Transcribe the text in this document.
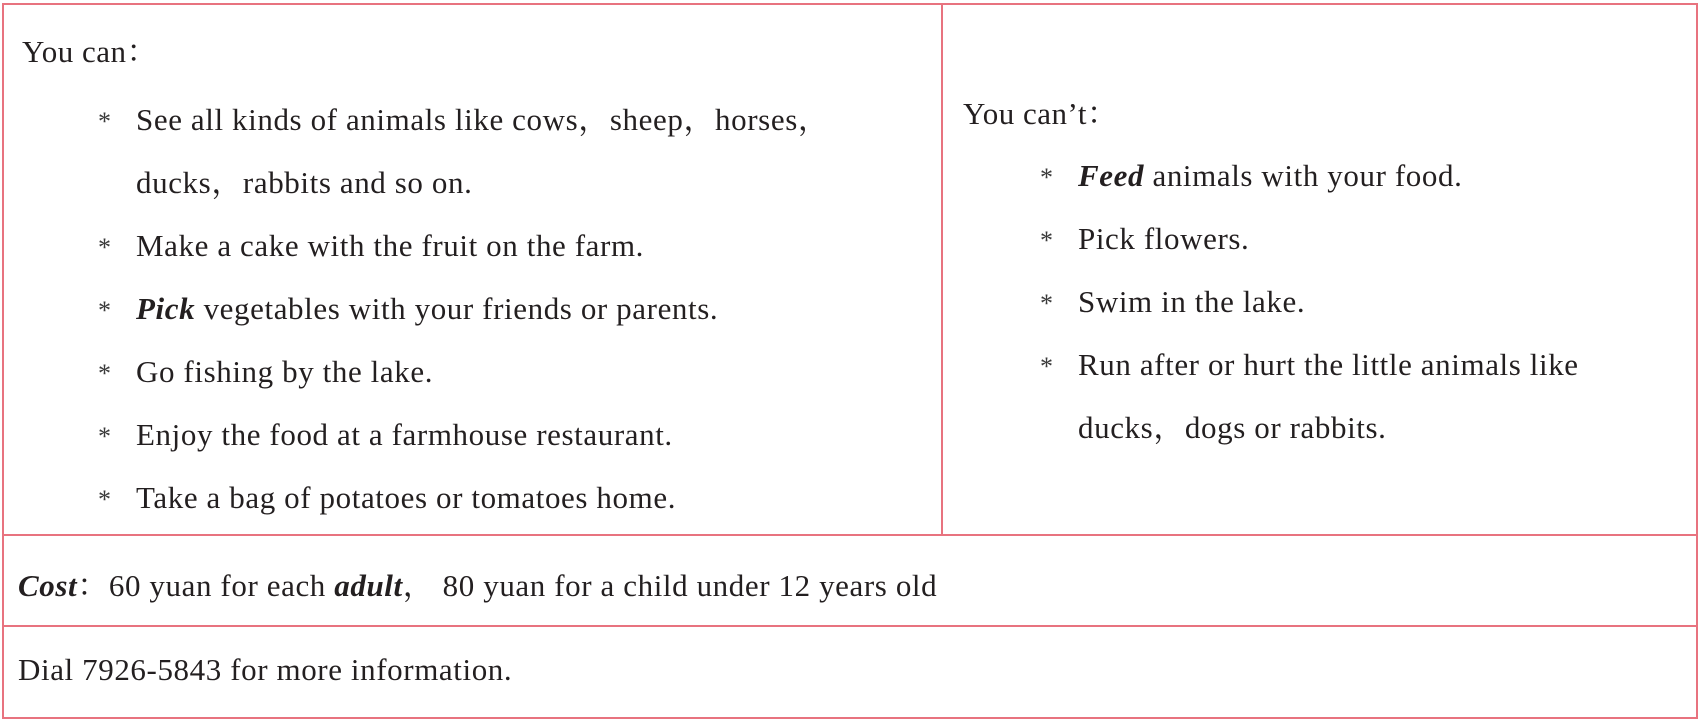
You can：
* See all kinds of animals like cows，sheep，horses，
ducks，rabbits and so on.
* Make a cake with the fruit on the farm.
* Pick vegetables with your friends or parents.
* Go fishing by the lake.
* Enjoy the food at a farmhouse restaurant.
* Take a bag of potatoes or tomatoes home.
You can’t：
* Feed animals with your food.
* Pick flowers.
* Swim in the lake.
* Run after or hurt the little animals like
ducks，dogs or rabbits.
Cost：60 yuan for each adult， 80 yuan for a child under 12 years old
Dial 7926-5843 for more information.
